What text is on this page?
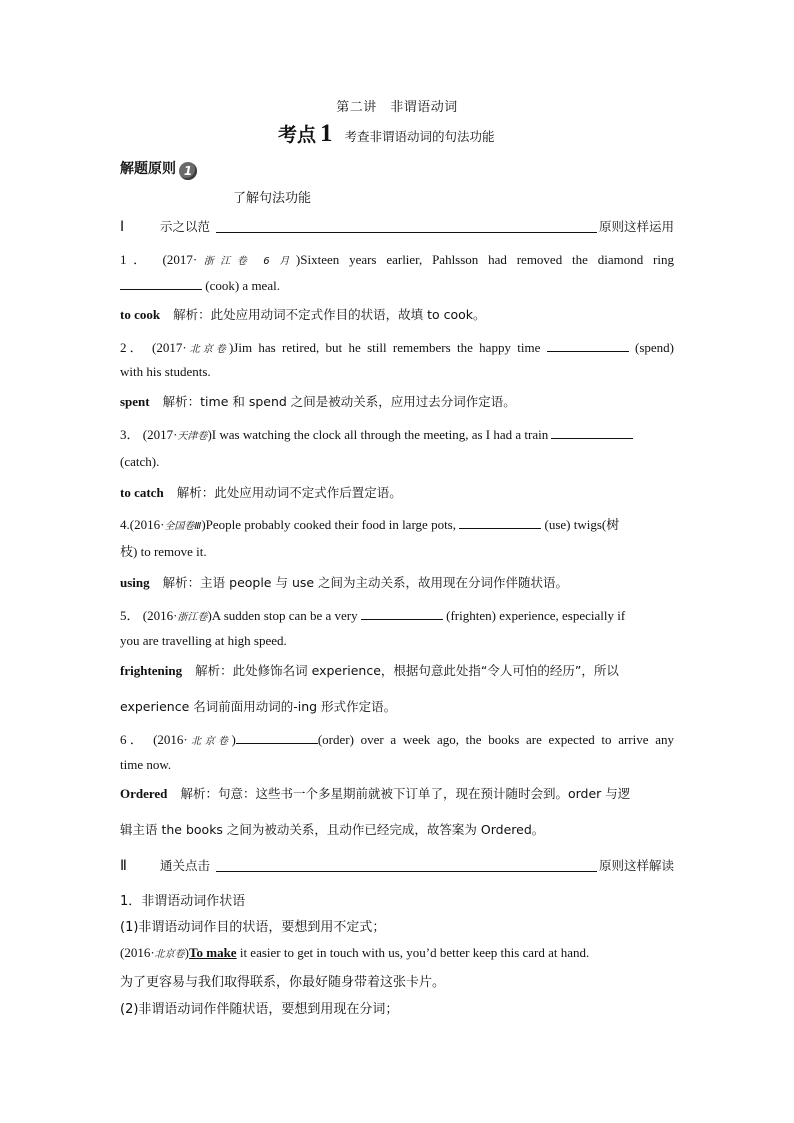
第二讲　非谓语动词
考点 1 考查非谓语动词的句法功能
解题原则 1
了解句法功能
Ⅰ	示之以范	原则这样运用
1． (2017·浙江卷 6 月)Sixteen years earlier, Pahlsson had removed the diamond ring
(cook) a meal.
to cook　 解析：此处应用动词不定式作目的状语，故填 to cook。
2． (2017·北京卷)Jim has retired, but he still remembers the happy time	(spend)
with his students.
spent　 解析：time 和 spend 之间是被动关系，应用过去分词作定语。
3． (2017·天津卷)I was watching the clock all through the meeting, as I had a train
(catch).
to catch　 解析：此处应用动词不定式作后置定语。
4.(2016·全国卷Ⅲ)People probably cooked their food in large pots,	(use) twigs(树
枝) to remove it.
using　 解析：主语 people 与 use 之间为主动关系，故用现在分词作伴随状语。
5． (2016·浙江卷)A sudden stop can be a very	(frighten) experience, especially if
you are travelling at high speed.
frightening　 解析：此处修饰名词 experience，根据句意此处指“令人可怕的经历”，所以
experience 名词前面用动词的-ing 形式作定语。
6． (2016·北京卷)	(order) over a week ago, the books are expected to arrive any
time now.
Ordered　 解析：句意：这些书一个多星期前就被下订单了，现在预计随时会到。order 与逻
辑主语 the books 之间为被动关系，且动作已经完成，故答案为 Ordered。
Ⅱ	通关点击	原则这样解读
1．非谓语动词作状语
(1)非谓语动词作目的状语，要想到用不定式；
(2016·北京卷)To make it easier to get in touch with us, you’d better keep this card at hand.
为了更容易与我们取得联系，你最好随身带着这张卡片。
(2)非谓语动词作伴随状语，要想到用现在分词；
